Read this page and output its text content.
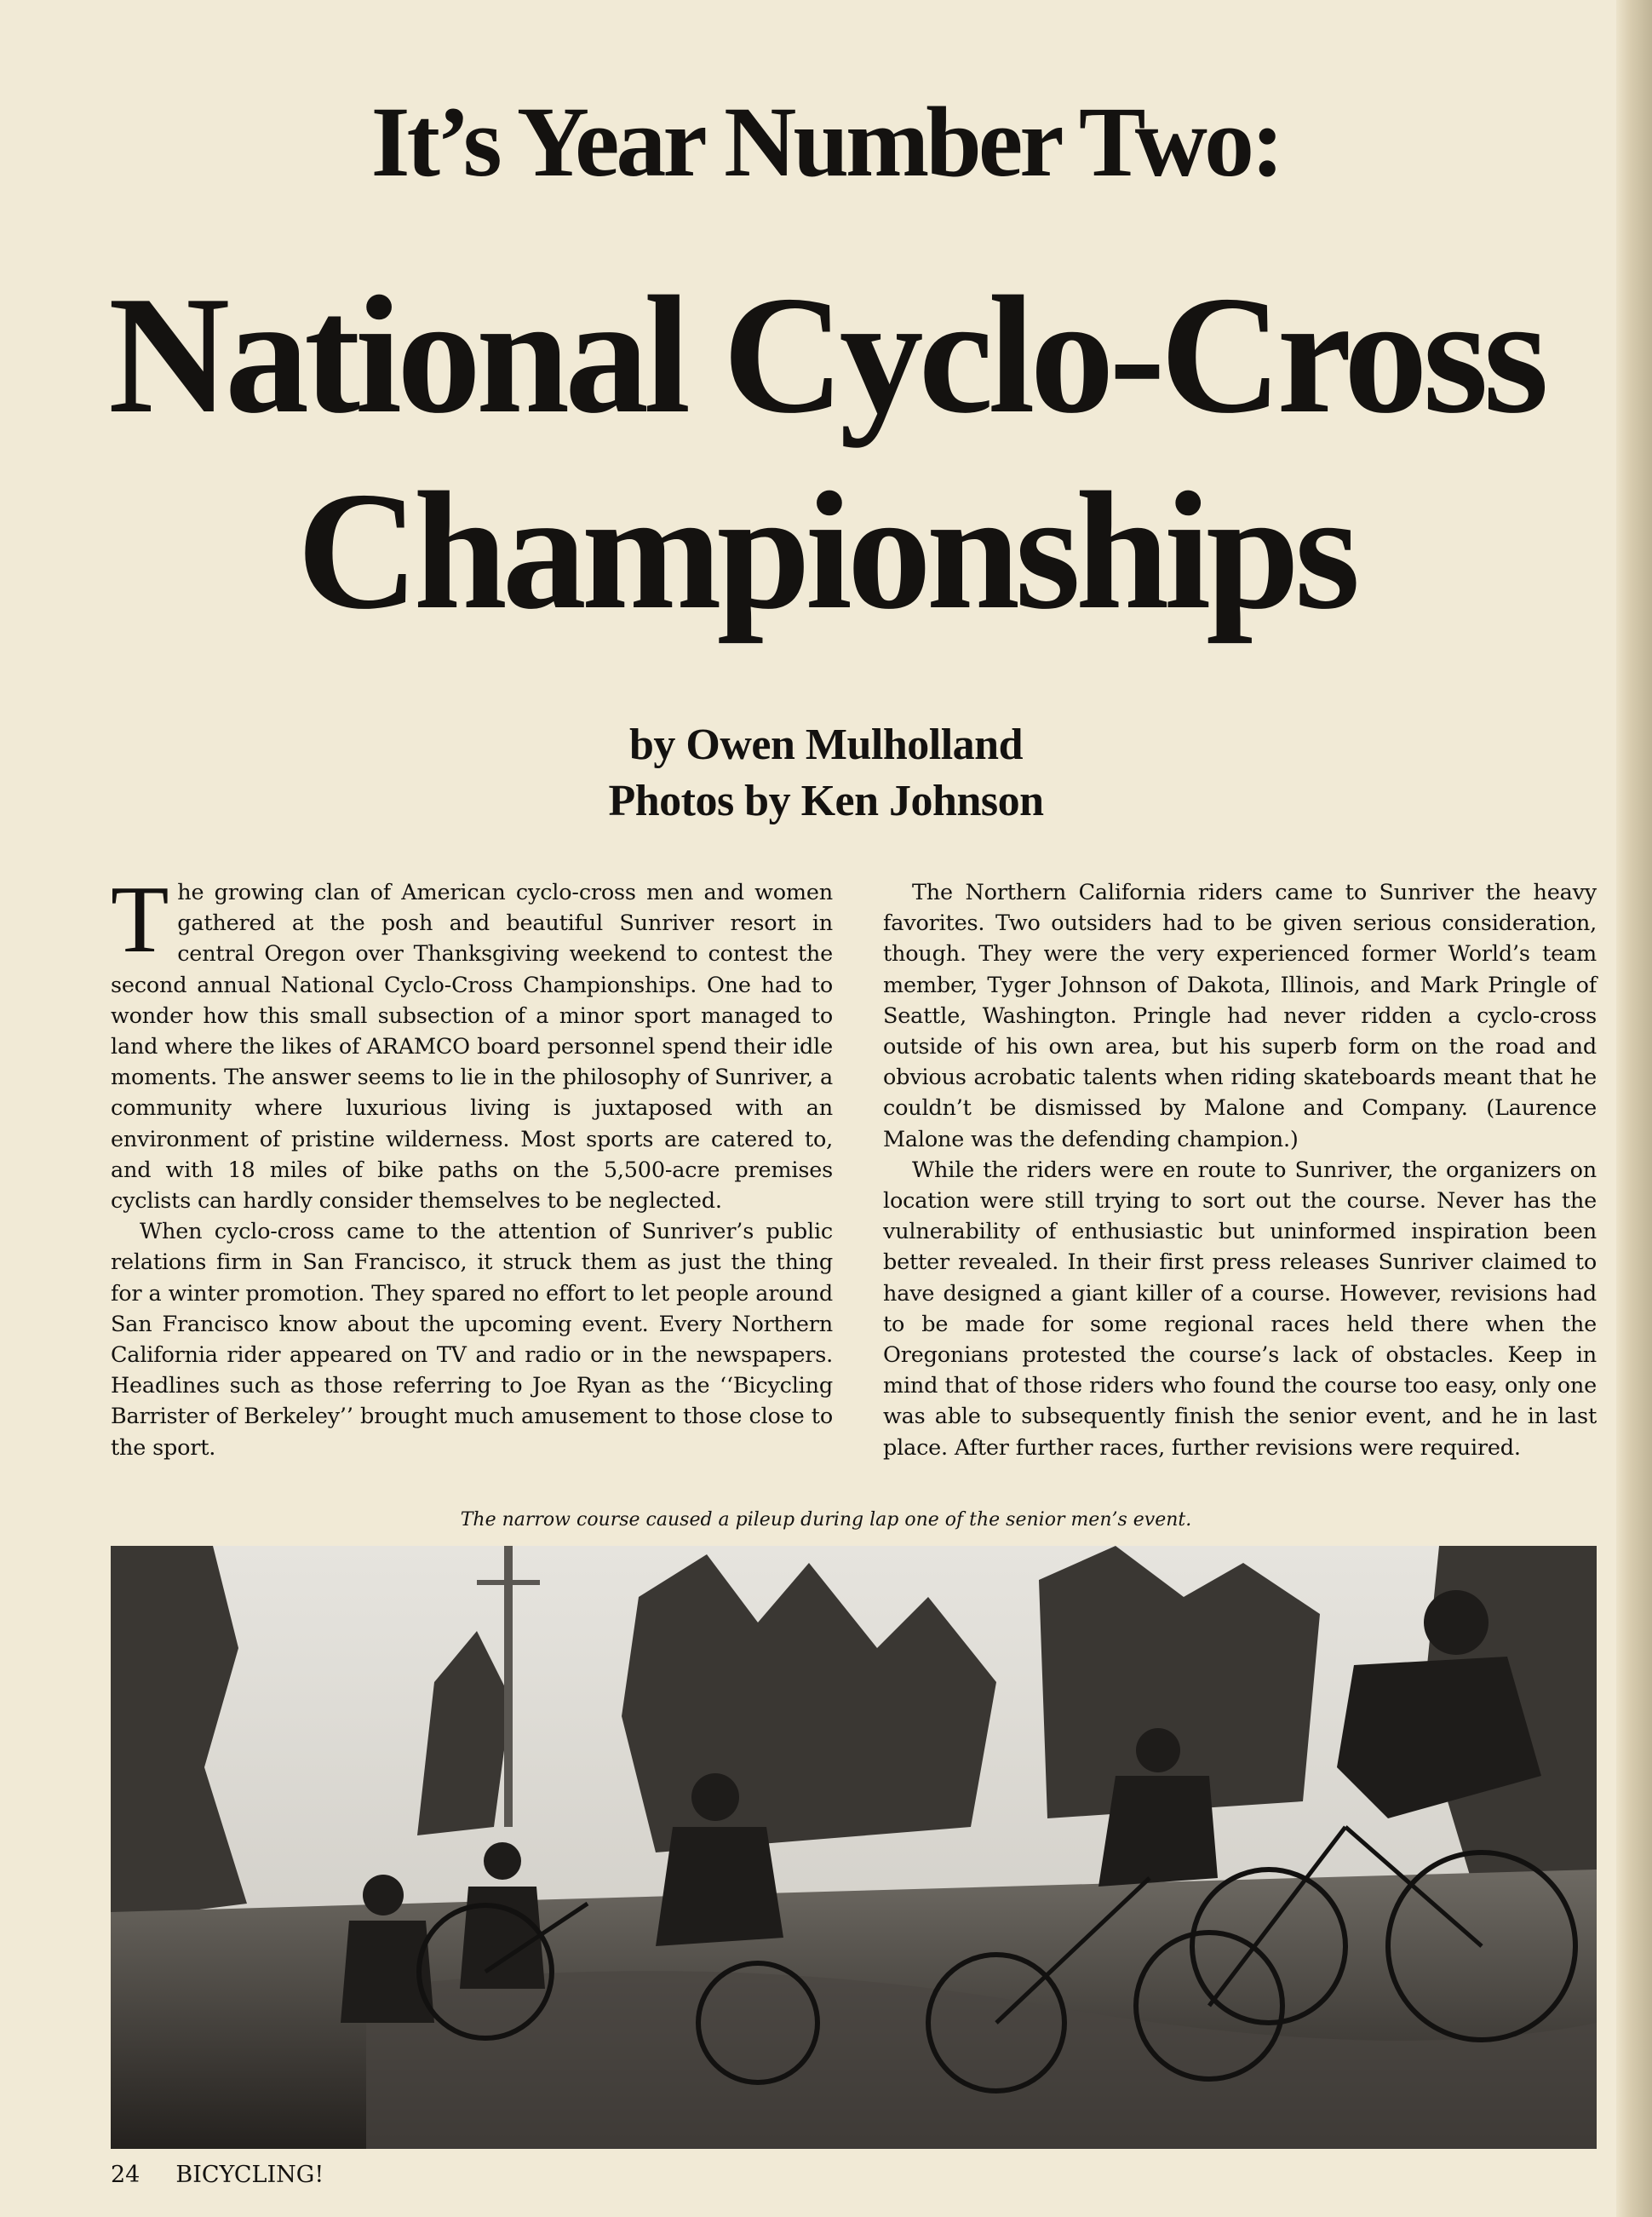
It’s Year Number Two:
National Cyclo-Cross
Championships
by Owen Mulholland
Photos by Ken Johnson

The growing clan of American cyclo-cross men and women gathered at the posh and beautiful Sunriver resort in central Oregon over Thanksgiving weekend to contest the second annual National Cyclo-Cross Championships. One had to wonder how this small subsection of a minor sport managed to land where the likes of ARAMCO board personnel spend their idle moments. The answer seems to lie in the philosophy of Sunriver, a community where luxurious living is juxtaposed with an environment of pristine wilderness. Most sports are catered to, and with 18 miles of bike paths on the 5,500-acre premises cyclists can hardly consider themselves to be neglected.

When cyclo-cross came to the attention of Sunriver’s public relations firm in San Francisco, it struck them as just the thing for a winter promotion. They spared no effort to let people around San Francisco know about the upcoming event. Every Northern California rider appeared on TV and radio or in the newspapers. Headlines such as those referring to Joe Ryan as the ‘‘Bicycling Barrister of Berkeley’’ brought much amusement to those close to the sport.

The Northern California riders came to Sunriver the heavy favorites. Two outsiders had to be given serious consideration, though. They were the very experienced former World’s team member, Tyger Johnson of Dakota, Illinois, and Mark Pringle of Seattle, Washington. Pringle had never ridden a cyclo-cross outside of his own area, but his superb form on the road and obvious acrobatic talents when riding skateboards meant that he couldn’t be dismissed by Malone and Company. (Laurence Malone was the defending champion.)

While the riders were en route to Sunriver, the organizers on location were still trying to sort out the course. Never has the vulnerability of enthusiastic but uninformed inspiration been better revealed. In their first press releases Sunriver claimed to have designed a giant killer of a course. However, revisions had to be made for some regional races held there when the Oregonians protested the course’s lack of obstacles. Keep in mind that of those riders who found the course too easy, only one was able to subsequently finish the senior event, and he in last place. After further races, further revisions were required.

The narrow course caused a pileup during lap one of the senior men’s event.
24 BICYCLING!
